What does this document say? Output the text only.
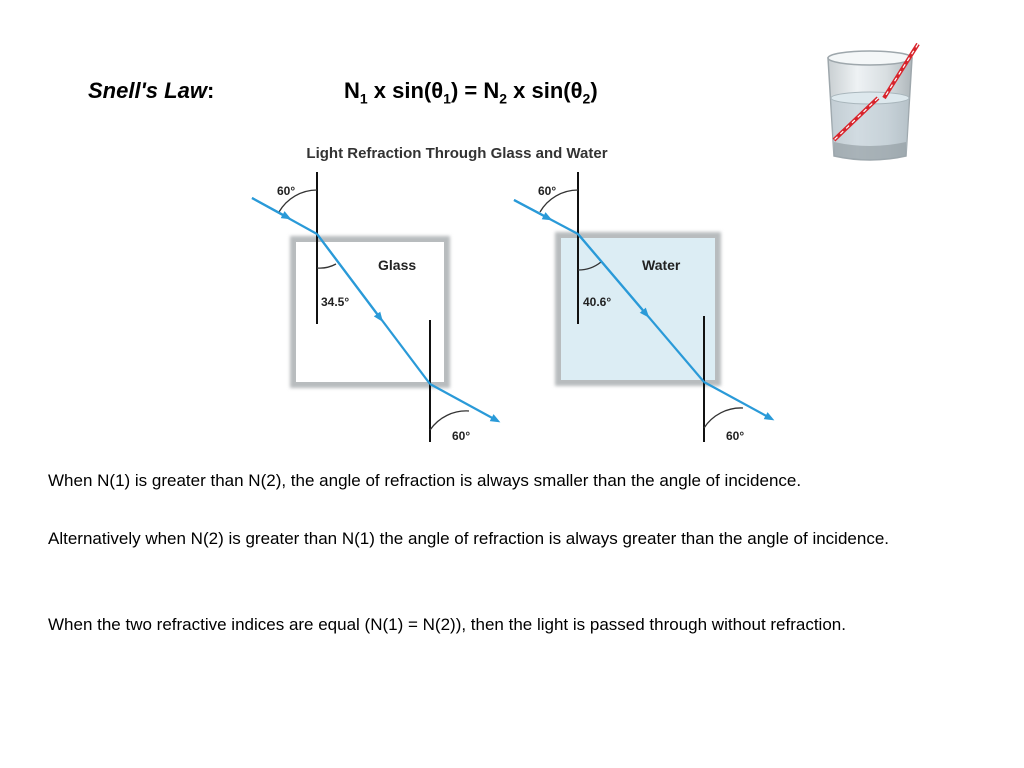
Snell's Law:	$N_1$ x $\sin(\theta_1) = N_2$ x $\sin(\theta_2)$
Light Refraction Through Glass and Water
60°
Glass
34.5°
60°
60°
Water
40.6°
60°
When N(1) is greater than N(2), the angle of refraction is always smaller than the angle of incidence.
Alternatively when N(2) is greater than N(1) the angle of refraction is always greater than the angle of incidence.
When the two refractive indices are equal (N(1) = N(2)), then the light is passed through without refraction.
